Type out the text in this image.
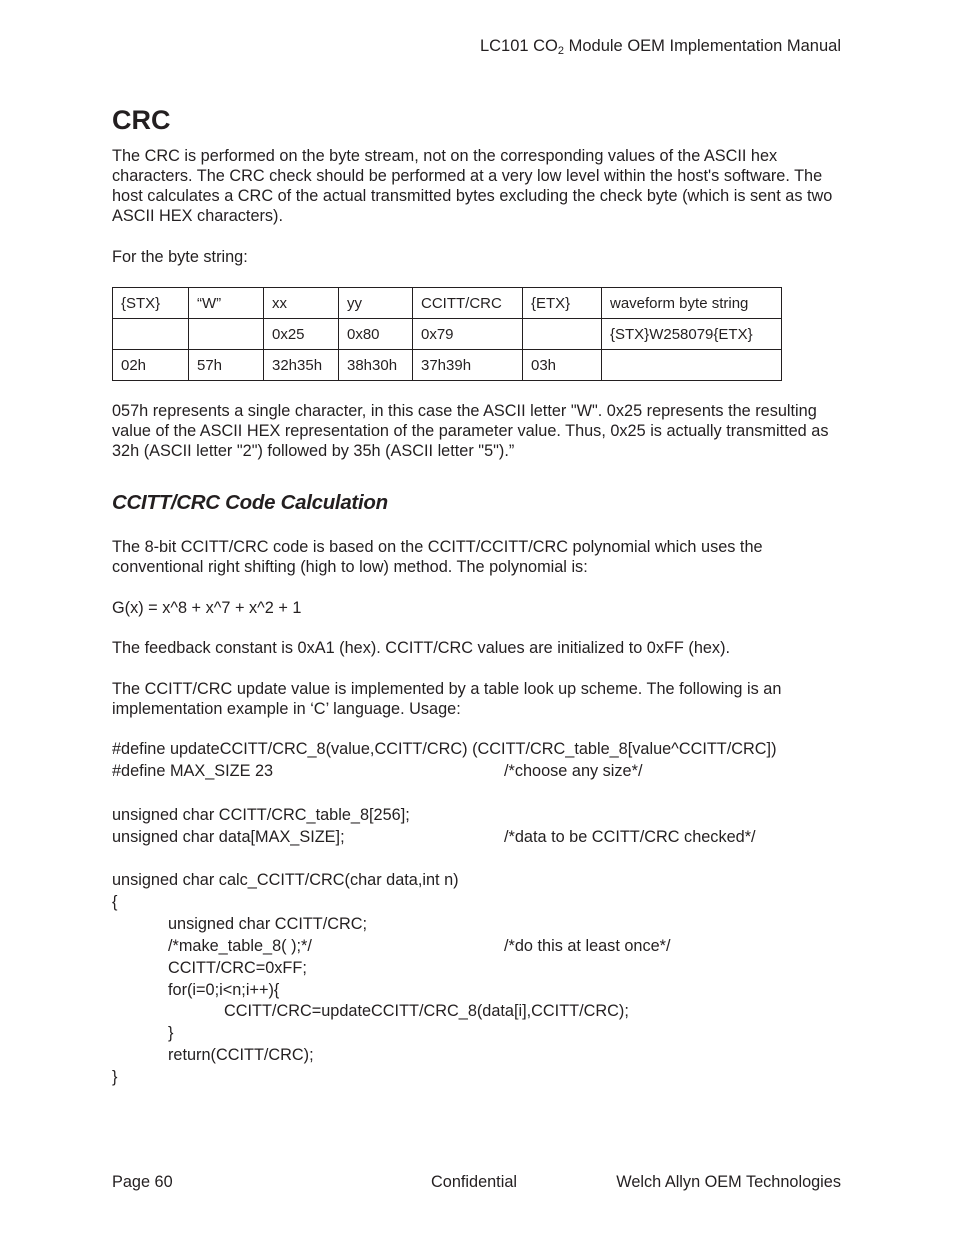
LC101 $CO_2$ Module OEM Implementation Manual
CRC

The CRC is performed on the byte stream, not on the corresponding values of the ASCII hex characters. The CRC check should be performed at a very low level within the host's software. The host calculates a CRC of the actual transmitted bytes excluding the check byte (which is sent as two ASCII HEX characters).

For the byte string:
{STX}	“W”	xx	yy	CCITT/CRC	{ETX}	waveform byte string
		0x25	0x80	0x79		{STX}W258079{ETX}
02h	57h	32h35h	38h30h	37h39h	03h	

057h represents a single character, in this case the ASCII letter "W". 0x25 represents the resulting value of the ASCII HEX representation of the parameter value. Thus, 0x25 is actually transmitted as 32h (ASCII letter "2") followed by 35h (ASCII letter "5").”

CCITT/CRC Code Calculation

The 8-bit CCITT/CRC code is based on the CCITT/CCITT/CRC polynomial which uses the conventional right shifting (high to low) method. The polynomial is:

G(x) = x^8 + x^7 + x^2 + 1

The feedback constant is 0xA1 (hex). CCITT/CRC values are initialized to 0xFF (hex).

The CCITT/CRC update value is implemented by a table look up scheme. The following is an implementation example in ‘C’ language. Usage:

#define updateCCITT/CRC_8(value,CCITT/CRC) (CCITT/CRC_table_8[value^CCITT/CRC])
#define MAX_SIZE 23	/*choose any size*/
unsigned char CCITT/CRC_table_8[256];
unsigned char data[MAX_SIZE];	/*data to be CCITT/CRC checked*/
unsigned char calc_CCITT/CRC(char data,int n)
{
unsigned char CCITT/CRC;
/*make_table_8( );*/	/*do this at least once*/
CCITT/CRC=0xFF;
for(i=0;i<n;i++){
CCITT/CRC=updateCCITT/CRC_8(data[i],CCITT/CRC);
}
return(CCITT/CRC);
}
Page 60	Confidential	Welch Allyn OEM Technologies
